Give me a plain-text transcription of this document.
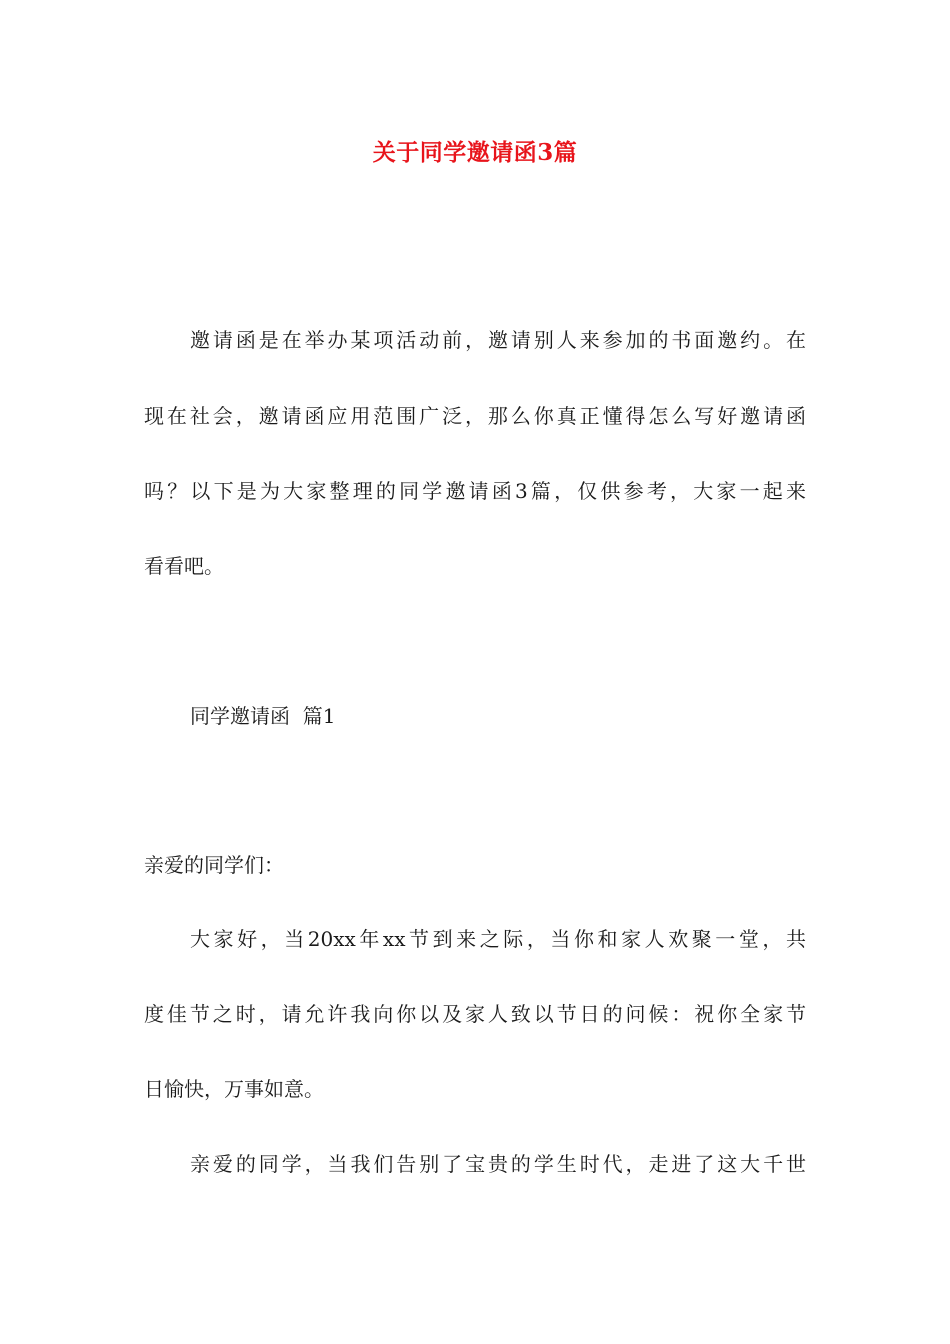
关于同学邀请函3篇
邀请函是在举办某项活动前，邀请别人来参加的书面邀约。在
现在社会，邀请函应用范围广泛，那么你真正懂得怎么写好邀请函
吗？以下是为大家整理的同学邀请函3篇，仅供参考，大家一起来
看看吧。
同学邀请函  篇1
亲爱的同学们：
大家好，当20xx年xx节到来之际，当你和家人欢聚一堂，共
度佳节之时，请允许我向你以及家人致以节日的问候：祝你全家节
日愉快，万事如意。
亲爱的同学，当我们告别了宝贵的学生时代，走进了这大千世
